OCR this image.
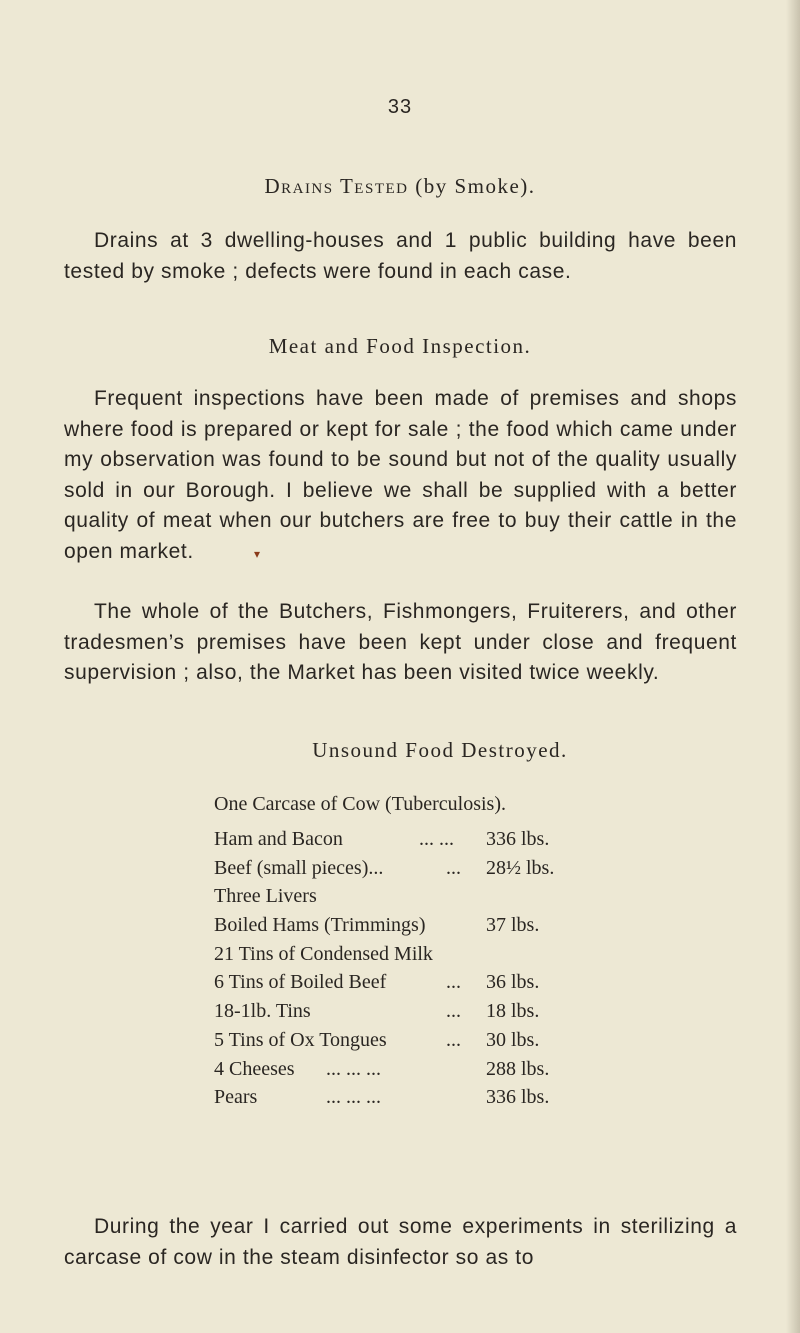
33
Drains Tested (by Smoke).

Drains at 3 dwelling-houses and 1 public building have been tested by smoke ; defects were found in each case.

Meat and Food Inspection.

Frequent inspections have been made of premises and shops where food is prepared or kept for sale ; the food which came under my observation was found to be sound but not of the quality usually sold in our Borough. I believe we shall be supplied with a better quality of meat when our butchers are free to buy their cattle in the open market.

The whole of the Butchers, Fishmongers, Fruiterers, and other tradesmen’s premises have been kept under close and frequent supervision ; also, the Market has been visited twice weekly.

▾
Unsound Food Destroyed.
One Carcase of Cow (Tuberculosis).
Ham and Bacon	... ... 336 lbs.
Beef (small pieces)...	... 28½ lbs.
Three Livers
Boiled Hams (Trimmings)	37 lbs.
21 Tins of Condensed Milk
6 Tins of Boiled Beef	... 36 lbs.
18-1lb. Tins	... 18 lbs.
5 Tins of Ox Tongues	... 30 lbs.
4 Cheeses ... ... ...	288 lbs.
Pears	... ... ...	336 lbs.

During the year I carried out some experiments in sterilizing a carcase of cow in the steam disinfector so as to
